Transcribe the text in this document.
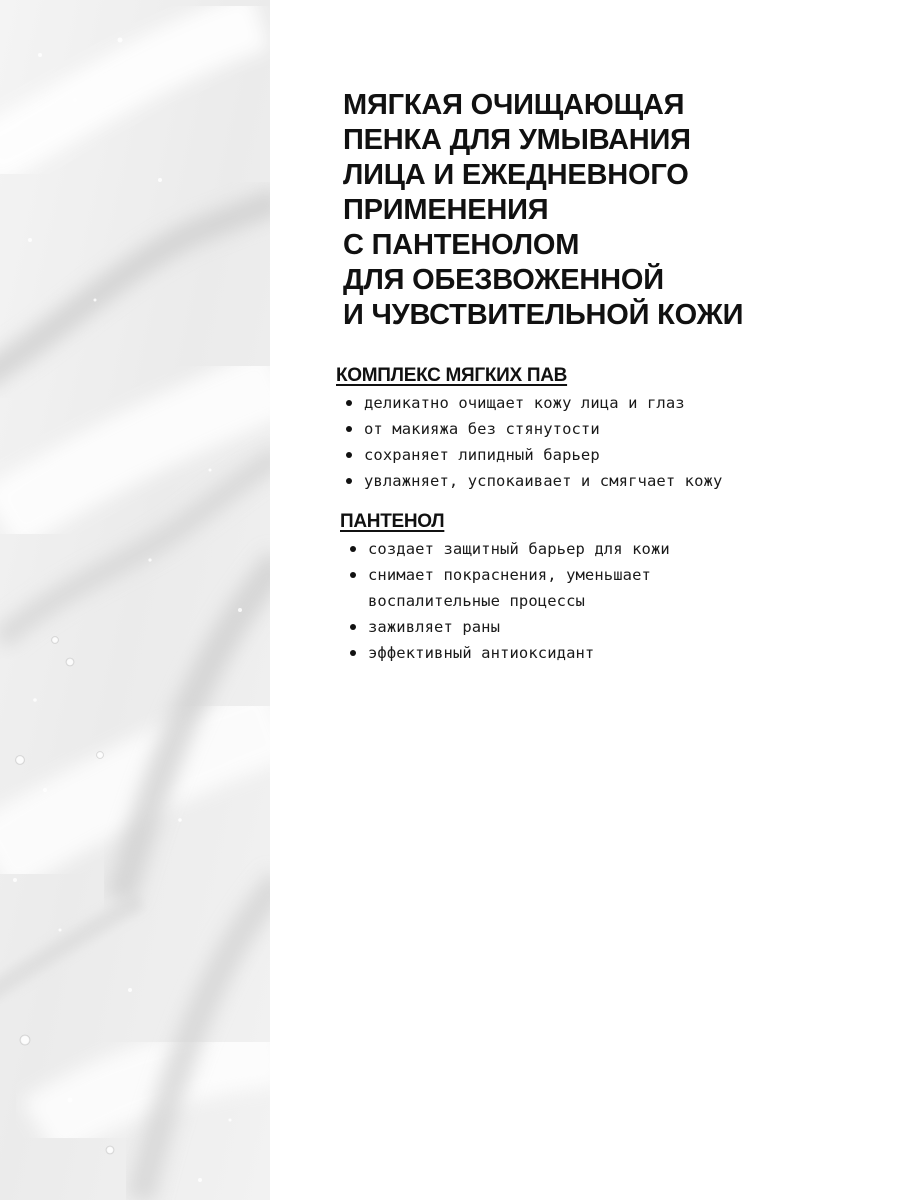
МЯГКАЯ ОЧИЩАЮЩАЯ
ПЕНКА ДЛЯ УМЫВАНИЯ
ЛИЦА И ЕЖЕДНЕВНОГО
ПРИМЕНЕНИЯ
С ПАНТЕНОЛОМ
ДЛЯ ОБЕЗВОЖЕННОЙ
И ЧУВСТВИТЕЛЬНОЙ КОЖИ
КОМПЛЕКС МЯГКИХ ПАВ
деликатно очищает кожу лица и глаз
от макияжа без стянутости
сохраняет липидный барьер
увлажняет, успокаивает и смягчает кожу
ПАНТЕНОЛ
создает защитный барьер для кожи
снимает покраснения, уменьшает
воспалительные процессы
заживляет раны
эффективный антиоксидант
